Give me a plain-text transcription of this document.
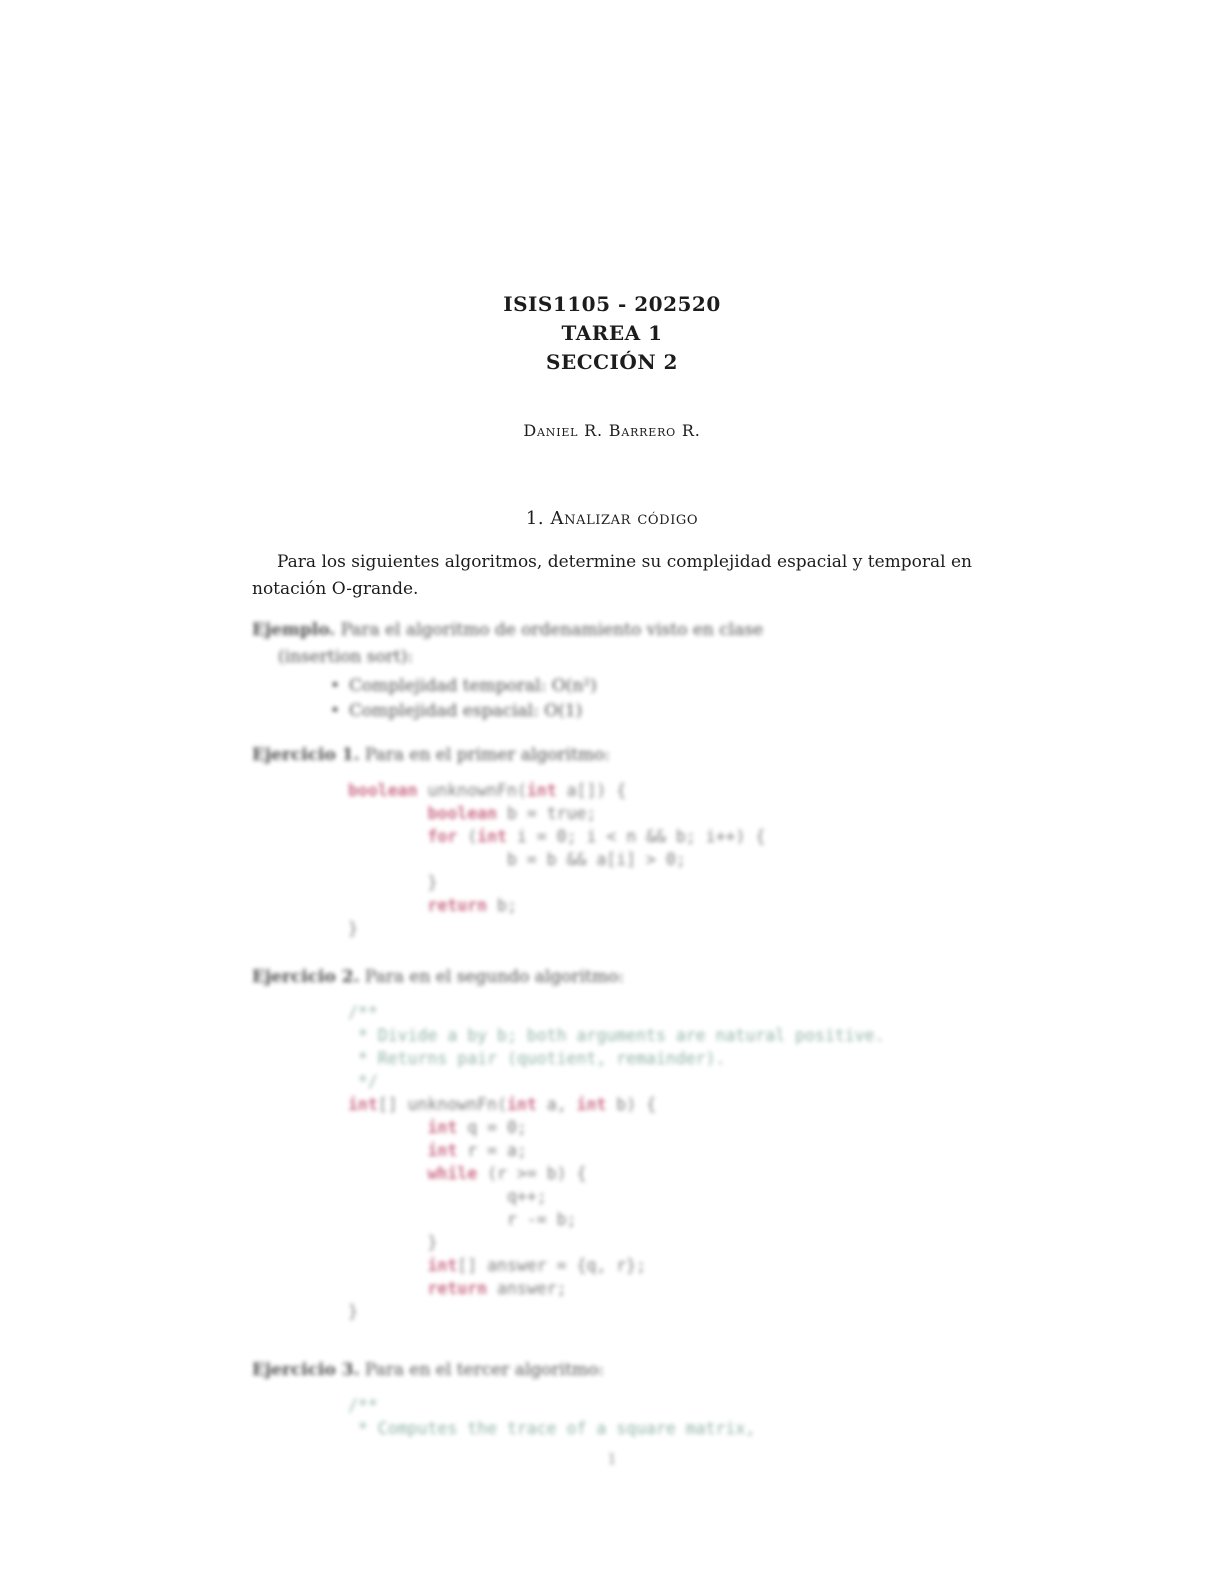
ISIS1105 - 202520
TAREA 1
SECCIÓN 2
Daniel R. Barrero R.
1. Analizar código

Para los siguientes algoritmos, determine su complejidad espacial y temporal en notación O-grande.

Ejemplo. Para el algoritmo de ordenamiento visto en clase
(insertion sort):
• Complejidad temporal: O(n²)
• Complejidad espacial: O(1)
Ejercicio 1. Para en el primer algoritmo:
boolean unknownFn(int a[]) {
boolean b = true;
for (int i = 0; i < n && b; i++) {
b = b && a[i] > 0;
}
return b;
}
Ejercicio 2. Para en el segundo algoritmo:
/**
* Divide a by b; both arguments are natural positive.
* Returns pair (quotient, remainder).
*/
int[] unknownFn(int a, int b) {
int q = 0;
int r = a;
while (r >= b) {
q++;
r -= b;
}
int[] answer = {q, r};
return answer;
}
Ejercicio 3. Para en el tercer algoritmo:
/**
* Computes the trace of a square matrix,
1
